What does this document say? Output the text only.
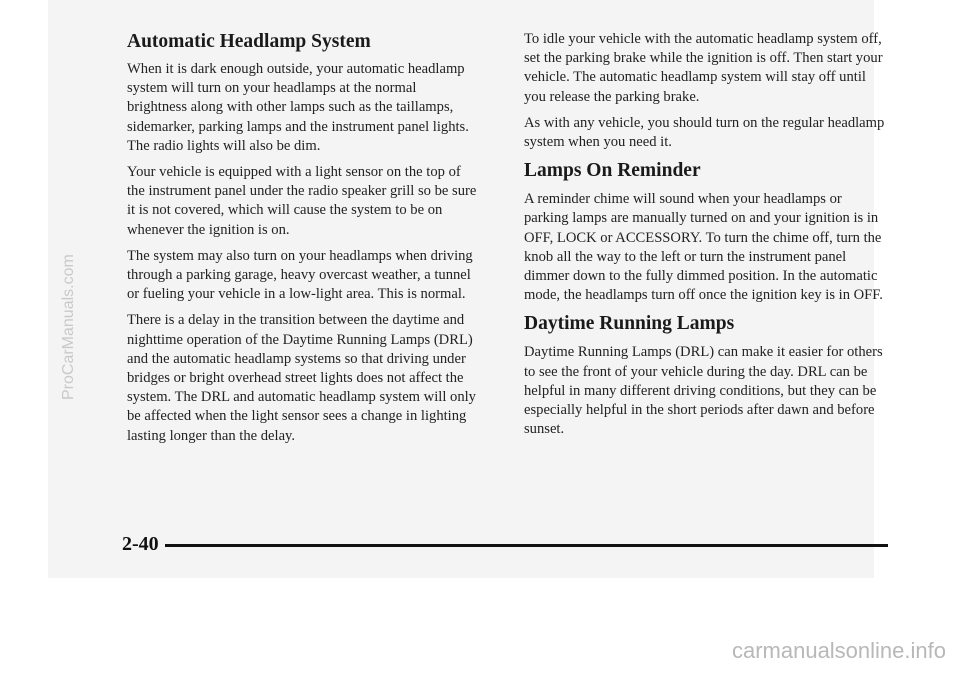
Automatic Headlamp System

When it is dark enough outside, your automatic headlamp system will turn on your headlamps at the normal brightness along with other lamps such as the taillamps, sidemarker, parking lamps and the instrument panel lights. The radio lights will also be dim.

Your vehicle is equipped with a light sensor on the top of the instrument panel under the radio speaker grill so be sure it is not covered, which will cause the system to be on whenever the ignition is on.

The system may also turn on your headlamps when driving through a parking garage, heavy overcast weather, a tunnel or fueling your vehicle in a low-light area. This is normal.

There is a delay in the transition between the daytime and nighttime operation of the Daytime Running Lamps (DRL) and the automatic headlamp systems so that driving under bridges or bright overhead street lights does not affect the system. The DRL and automatic headlamp system will only be affected when the light sensor sees a change in lighting lasting longer than the delay.

To idle your vehicle with the automatic headlamp system off, set the parking brake while the ignition is off. Then start your vehicle. The automatic headlamp system will stay off until you release the parking brake.

As with any vehicle, you should turn on the regular headlamp system when you need it.

Lamps On Reminder

A reminder chime will sound when your headlamps or parking lamps are manually turned on and your ignition is in OFF, LOCK or ACCESSORY. To turn the chime off, turn the knob all the way to the left or turn the instrument panel dimmer down to the fully dimmed position. In the automatic mode, the headlamps turn off once the ignition key is in OFF.

Daytime Running Lamps

Daytime Running Lamps (DRL) can make it easier for others to see the front of your vehicle during the day. DRL can be helpful in many different driving conditions, but they can be especially helpful in the short periods after dawn and before sunset.

2-40
ProCarManuals.com
carmanualsonline.info
